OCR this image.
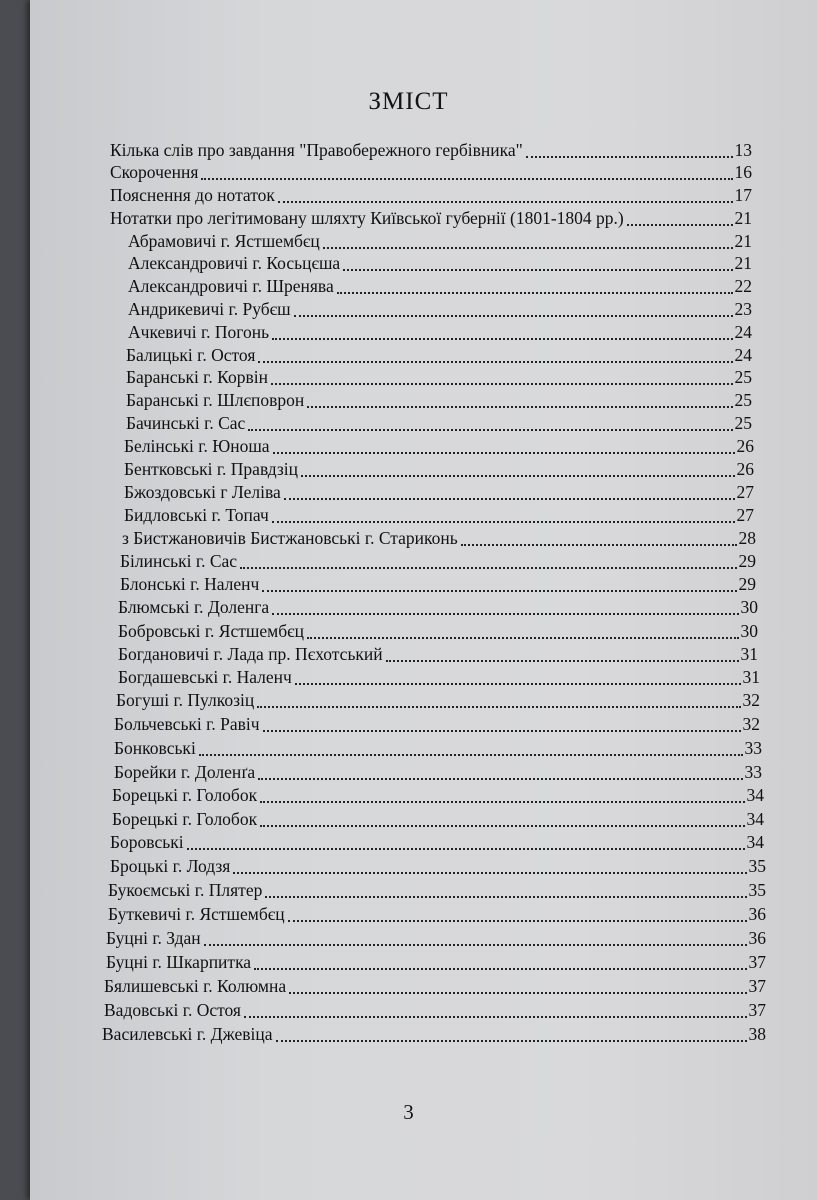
ЗМІСТ
Кілька слів про завдання "Правобережного гербівника"	13
Скорочення	16
Пояснення до нотаток	17
Нотатки про легітимовану шляхту Київської губернії (1801-1804 рр.)	21
Абрамовичі г. Ястшембєц	21
Александровичі г. Косьцєша	21
Александровичі г. Шренява	22
Андрикевичі г. Рубєш	23
Ачкевичі г. Погонь	24
Балицькі г. Остоя	24
Баранські г. Корвін	25
Баранські г. Шлєповрон	25
Бачинські г. Сас	25
Белінські г. Юноша	26
Бентковські г. Правдзіц	26
Бжоздовські г Леліва	27
Бидловські г. Топач	27
з Бистжановичів Бистжановські г. Стариконь	28
Білинські г. Сас	29
Блонські г. Наленч	29
Блюмські г. Доленга	30
Бобровські г. Ястшембєц	30
Богдановичі г. Лада пр. Пєхотський	31
Богдашевські г. Наленч	31
Богуші г. Пулкозіц	32
Больчевські г. Равіч	32
Бонковські	33
Борейки г. Доленґа	33
Борецькі г. Голобок	34
Борецькі г. Голобок	34
Боровські	34
Броцькі г. Лодзя	35
Букоємські г. Плятер	35
Буткевичі г. Ястшембєц	36
Буцні г. Здан	36
Буцні г. Шкарпитка	37
Бялишевські г. Колюмна	37
Вадовські г. Остоя	37
Василевські г. Джевіца	38
3
